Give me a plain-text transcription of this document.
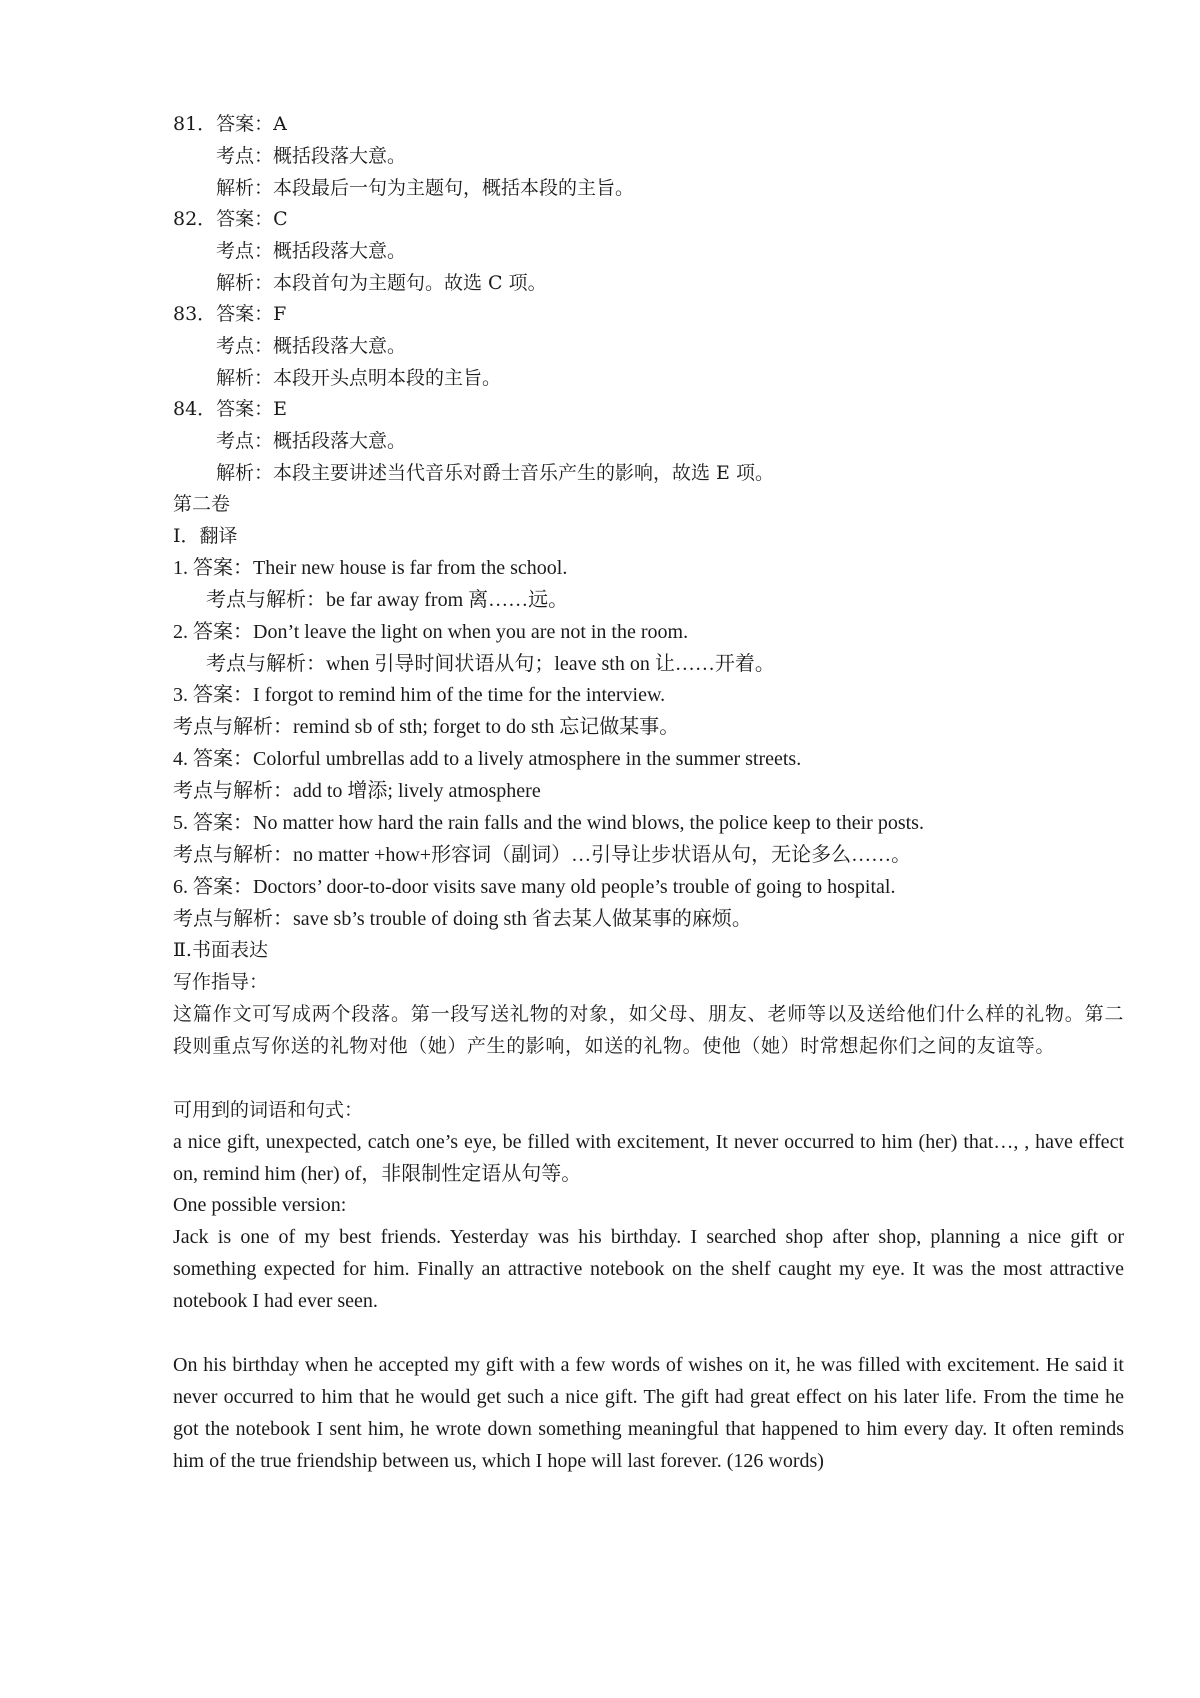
81．答案：A
考点：概括段落大意。
解析：本段最后一句为主题句，概括本段的主旨。
82．答案：C
考点：概括段落大意。
解析：本段首句为主题句。故选 C 项。
83．答案：F
考点：概括段落大意。
解析：本段开头点明本段的主旨。
84．答案：E
考点：概括段落大意。
解析：本段主要讲述当代音乐对爵士音乐产生的影响，故选 E 项。
第二卷
Ⅰ．翻译
1. 答案：Their new house is far from the school.
考点与解析：be far away from 离……远。
2. 答案：Don’t leave the light on when you are not in the room.
考点与解析：when 引导时间状语从句；leave sth on 让……开着。
3. 答案：I forgot to remind him of the time for the interview.
考点与解析：remind sb of sth; forget to do sth 忘记做某事。
4. 答案：Colorful umbrellas add to a lively atmosphere in the summer streets.
考点与解析：add to 增添; lively atmosphere
5. 答案：No matter how hard the rain falls and the wind blows, the police keep to their posts.
考点与解析：no matter +how+形容词（副词）…引导让步状语从句，无论多么……。
6. 答案：Doctors’ door-to-door visits save many old people’s trouble of going to hospital.
考点与解析：save sb’s trouble of doing sth 省去某人做某事的麻烦。
Ⅱ.书面表达
写作指导：
这篇作文可写成两个段落。第一段写送礼物的对象，如父母、朋友、老师等以及送给他们什么样的礼物。第二段则重点写你送的礼物对他（她）产生的影响，如送的礼物。使他（她）时常想起你们之间的友谊等。
可用到的词语和句式：
a nice gift, unexpected, catch one’s eye, be filled with excitement, It never occurred to him (her) that…, , have effect on, remind him (her) of，非限制性定语从句等。
One possible version:
Jack is one of my best friends. Yesterday was his birthday. I searched shop after shop, planning a nice gift or something expected for him. Finally an attractive notebook on the shelf caught my eye. It was the most attractive notebook I had ever seen.
On his birthday when he accepted my gift with a few words of wishes on it, he was filled with excitement. He said it never occurred to him that he would get such a nice gift. The gift had great effect on his later life. From the time he got the notebook I sent him, he wrote down something meaningful that happened to him every day. It often reminds him of the true friendship between us, which I hope will last forever. (126 words)
